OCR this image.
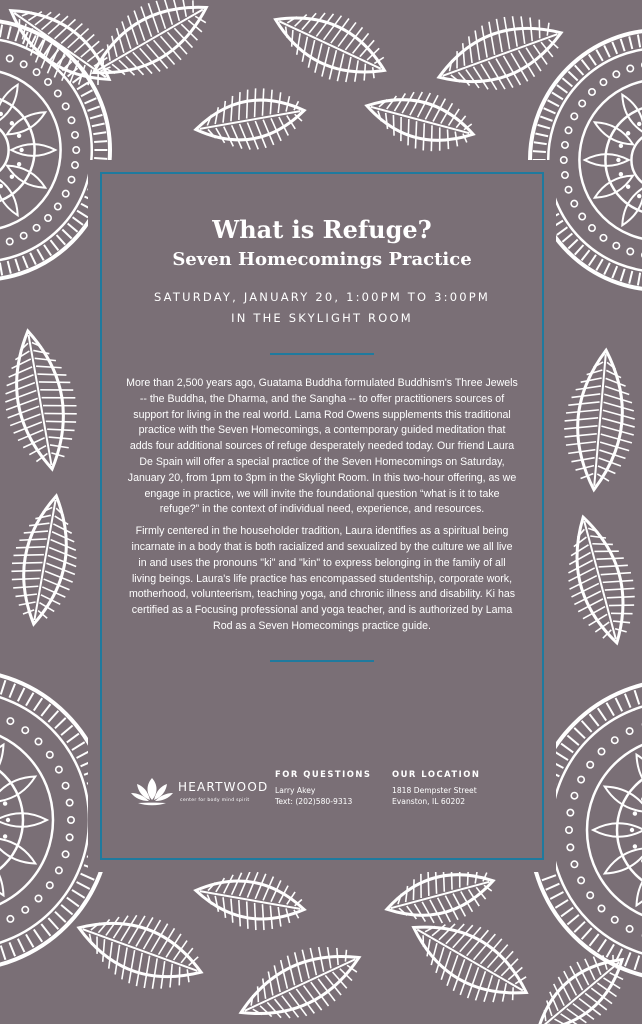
What is Refuge?
Seven Homecomings Practice
SATURDAY, JANUARY 20, 1:00PM TO 3:00PM
IN THE SKYLIGHT ROOM

More than 2,500 years ago, Guatama Buddha formulated Buddhism's Three Jewels -- the Buddha, the Dharma, and the Sangha -- to offer practitioners sources of support for living in the real world. Lama Rod Owens supplements this traditional practice with the Seven Homecomings, a contemporary guided meditation that adds four additional sources of refuge desperately needed today. Our friend Laura De Spain will offer a special practice of the Seven Homecomings on Saturday, January 20, from 1pm to 3pm in the Skylight Room. In this two-hour offering, as we engage in practice, we will invite the foundational question “what is it to take refuge?” in the context of individual need, experience, and resources.

Firmly centered in the householder tradition, Laura identifies as a spiritual being incarnate in a body that is both racialized and sexualized by the culture we all live in and uses the pronouns "ki" and "kin" to express belonging in the family of all living beings. Laura's life practice has encompassed studentship, corporate work, motherhood, volunteerism, teaching yoga, and chronic illness and disability. Ki has certified as a Focusing professional and yoga teacher, and is authorized by Lama Rod as a Seven Homecomings practice guide.

HEARTWOOD
center for body mind spirit
FOR QUESTIONS
Larry Akey
Text: (202)580-9313
OUR LOCATION
1818 Dempster Street
Evanston, IL 60202
